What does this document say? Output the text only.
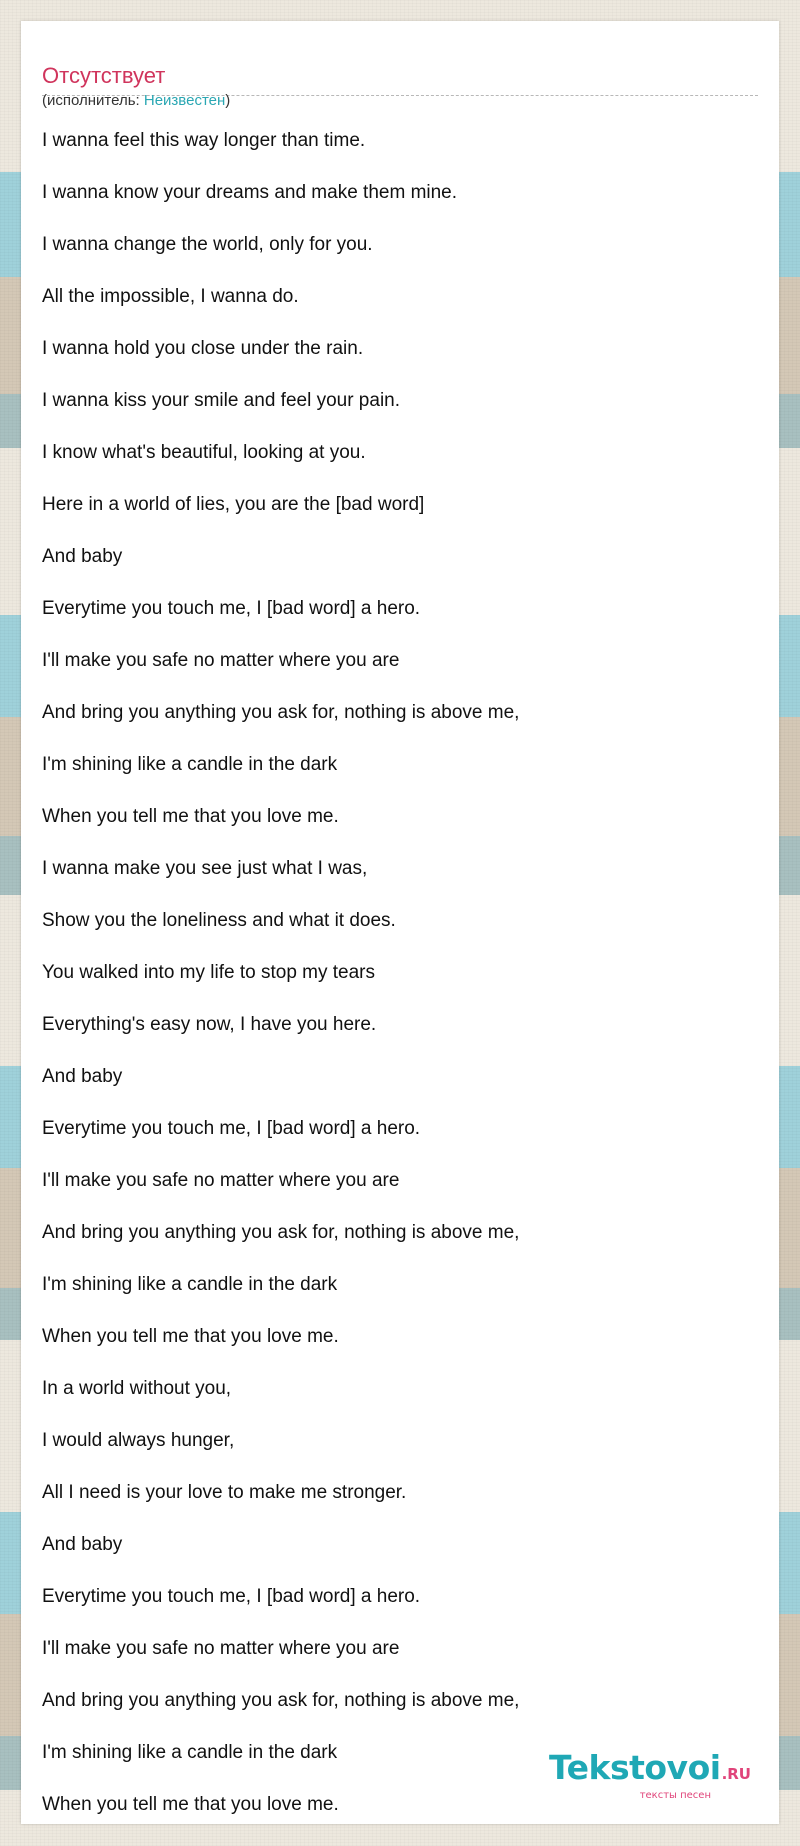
Отсутствует
(исполнитель: Неизвестен)
I wanna feel this way longer than time.
I wanna know your dreams and make them mine.
I wanna change the world, only for you.
All the impossible, I wanna do.
I wanna hold you close under the rain.
I wanna kiss your smile and feel your pain.
I know what's beautiful, looking at you.
Here in a world of lies, you are the [bad word]
And baby
Everytime you touch me, I [bad word] a hero.
I'll make you safe no matter where you are
And bring you anything you ask for, nothing is above me,
I'm shining like a candle in the dark
When you tell me that you love me.
I wanna make you see just what I was,
Show you the loneliness and what it does.
You walked into my life to stop my tears
Everything's easy now, I have you here.
And baby
Everytime you touch me, I [bad word] a hero.
I'll make you safe no matter where you are
And bring you anything you ask for, nothing is above me,
I'm shining like a candle in the dark
When you tell me that you love me.
In a world without you,
I would always hunger,
All I need is your love to make me stronger.
And baby
Everytime you touch me, I [bad word] a hero.
I'll make you safe no matter where you are
And bring you anything you ask for, nothing is above me,
I'm shining like a candle in the dark
When you tell me that you love me.
Tekstovoi.RU
тексты песен
